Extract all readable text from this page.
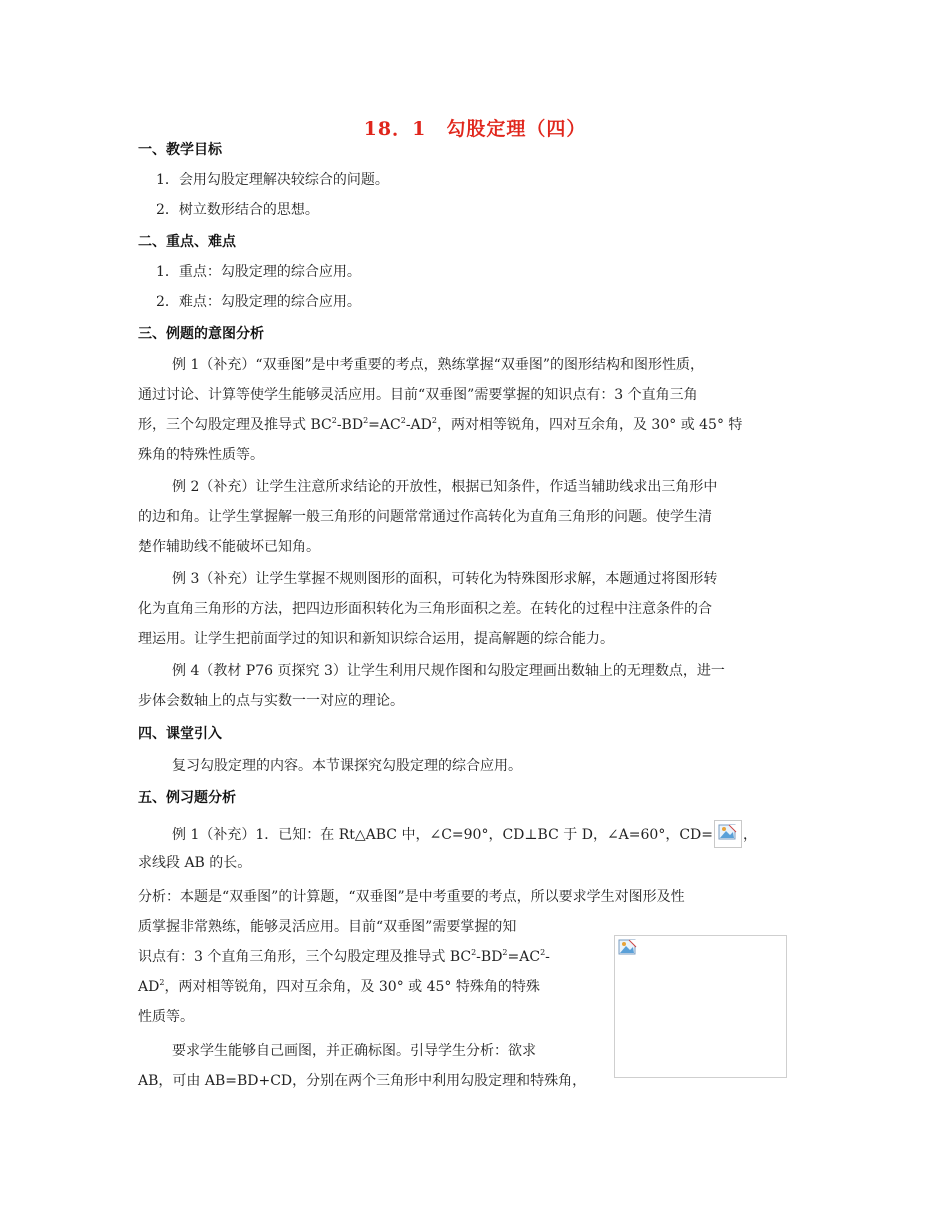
18．1　勾股定理（四）
一、教学目标
1．会用勾股定理解决较综合的问题。
2．树立数形结合的思想。
二、重点、难点
1．重点：勾股定理的综合应用。
2．难点：勾股定理的综合应用。
三、例题的意图分析
例 1（补充）“双垂图”是中考重要的考点，熟练掌握“双垂图”的图形结构和图形性质，
通过讨论、计算等使学生能够灵活应用。目前“双垂图”需要掌握的知识点有：3 个直角三角
形，三个勾股定理及推导式 $BC^2-BD^2=AC^2-AD^2$，两对相等锐角，四对互余角，及 30° 或 45° 特
殊角的特殊性质等。
例 2（补充）让学生注意所求结论的开放性，根据已知条件，作适当辅助线求出三角形中
的边和角。让学生掌握解一般三角形的问题常常通过作高转化为直角三角形的问题。使学生清
楚作辅助线不能破坏已知角。
例 3（补充）让学生掌握不规则图形的面积，可转化为特殊图形求解，本题通过将图形转
化为直角三角形的方法，把四边形面积转化为三角形面积之差。在转化的过程中注意条件的合
理运用。让学生把前面学过的知识和新知识综合运用，提高解题的综合能力。
例 4（教材 P76 页探究 3）让学生利用尺规作图和勾股定理画出数轴上的无理数点，进一
步体会数轴上的点与实数一一对应的理论。
四、课堂引入
复习勾股定理的内容。本节课探究勾股定理的综合应用。
五、例习题分析
例 1（补充）1．已知：在 Rt△ABC 中，∠C=90°，CD⊥BC 于 D，∠A=60°，CD= ，
求线段 AB 的长。
分析：本题是“双垂图”的计算题，“双垂图”是中考重要的考点，所以要求学生对图形及性
质掌握非常熟练，能够灵活应用。目前“双垂图”需要掌握的知
识点有：3 个直角三角形，三个勾股定理及推导式 $BC^2-BD^2=AC^2-$
$AD^2$，两对相等锐角，四对互余角，及 30° 或 45° 特殊角的特殊
性质等。
要求学生能够自己画图，并正确标图。引导学生分析：欲求
AB，可由 AB=BD+CD，分别在两个三角形中利用勾股定理和特殊角，
